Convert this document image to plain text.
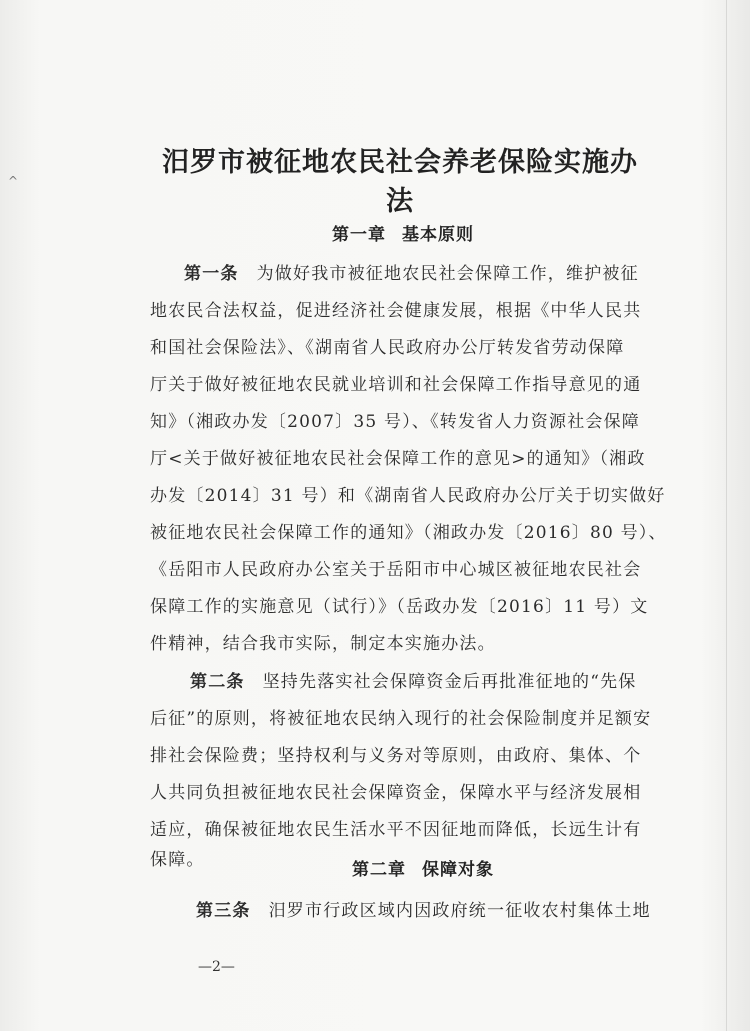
^
汨罗市被征地农民社会养老保险实施办法
第一章 基本原则
第一条 为做好我市被征地农民社会保障工作，维护被征
地农民合法权益，促进经济社会健康发展，根据《中华人民共
和国社会保险法》、《湖南省人民政府办公厅转发省劳动保障
厅关于做好被征地农民就业培训和社会保障工作指导意见的通
知》（湘政办发〔2007〕35 号）、《转发省人力资源社会保障
厅<关于做好被征地农民社会保障工作的意见>的通知》（湘政
办发〔2014〕31 号）和《湖南省人民政府办公厅关于切实做好
被征地农民社会保障工作的通知》（湘政办发〔2016〕80 号）、
《岳阳市人民政府办公室关于岳阳市中心城区被征地农民社会
保障工作的实施意见（试行）》（岳政办发〔2016〕11 号）文
件精神，结合我市实际，制定本实施办法。
第二条 坚持先落实社会保障资金后再批准征地的“先保
后征”的原则，将被征地农民纳入现行的社会保险制度并足额安
排社会保险费；坚持权利与义务对等原则，由政府、集体、个
人共同负担被征地农民社会保障资金，保障水平与经济发展相
适应，确保被征地农民生活水平不因征地而降低，长远生计有
保障。	第二章 保障对象
第三条 汨罗市行政区域内因政府统一征收农村集体土地
—2—
